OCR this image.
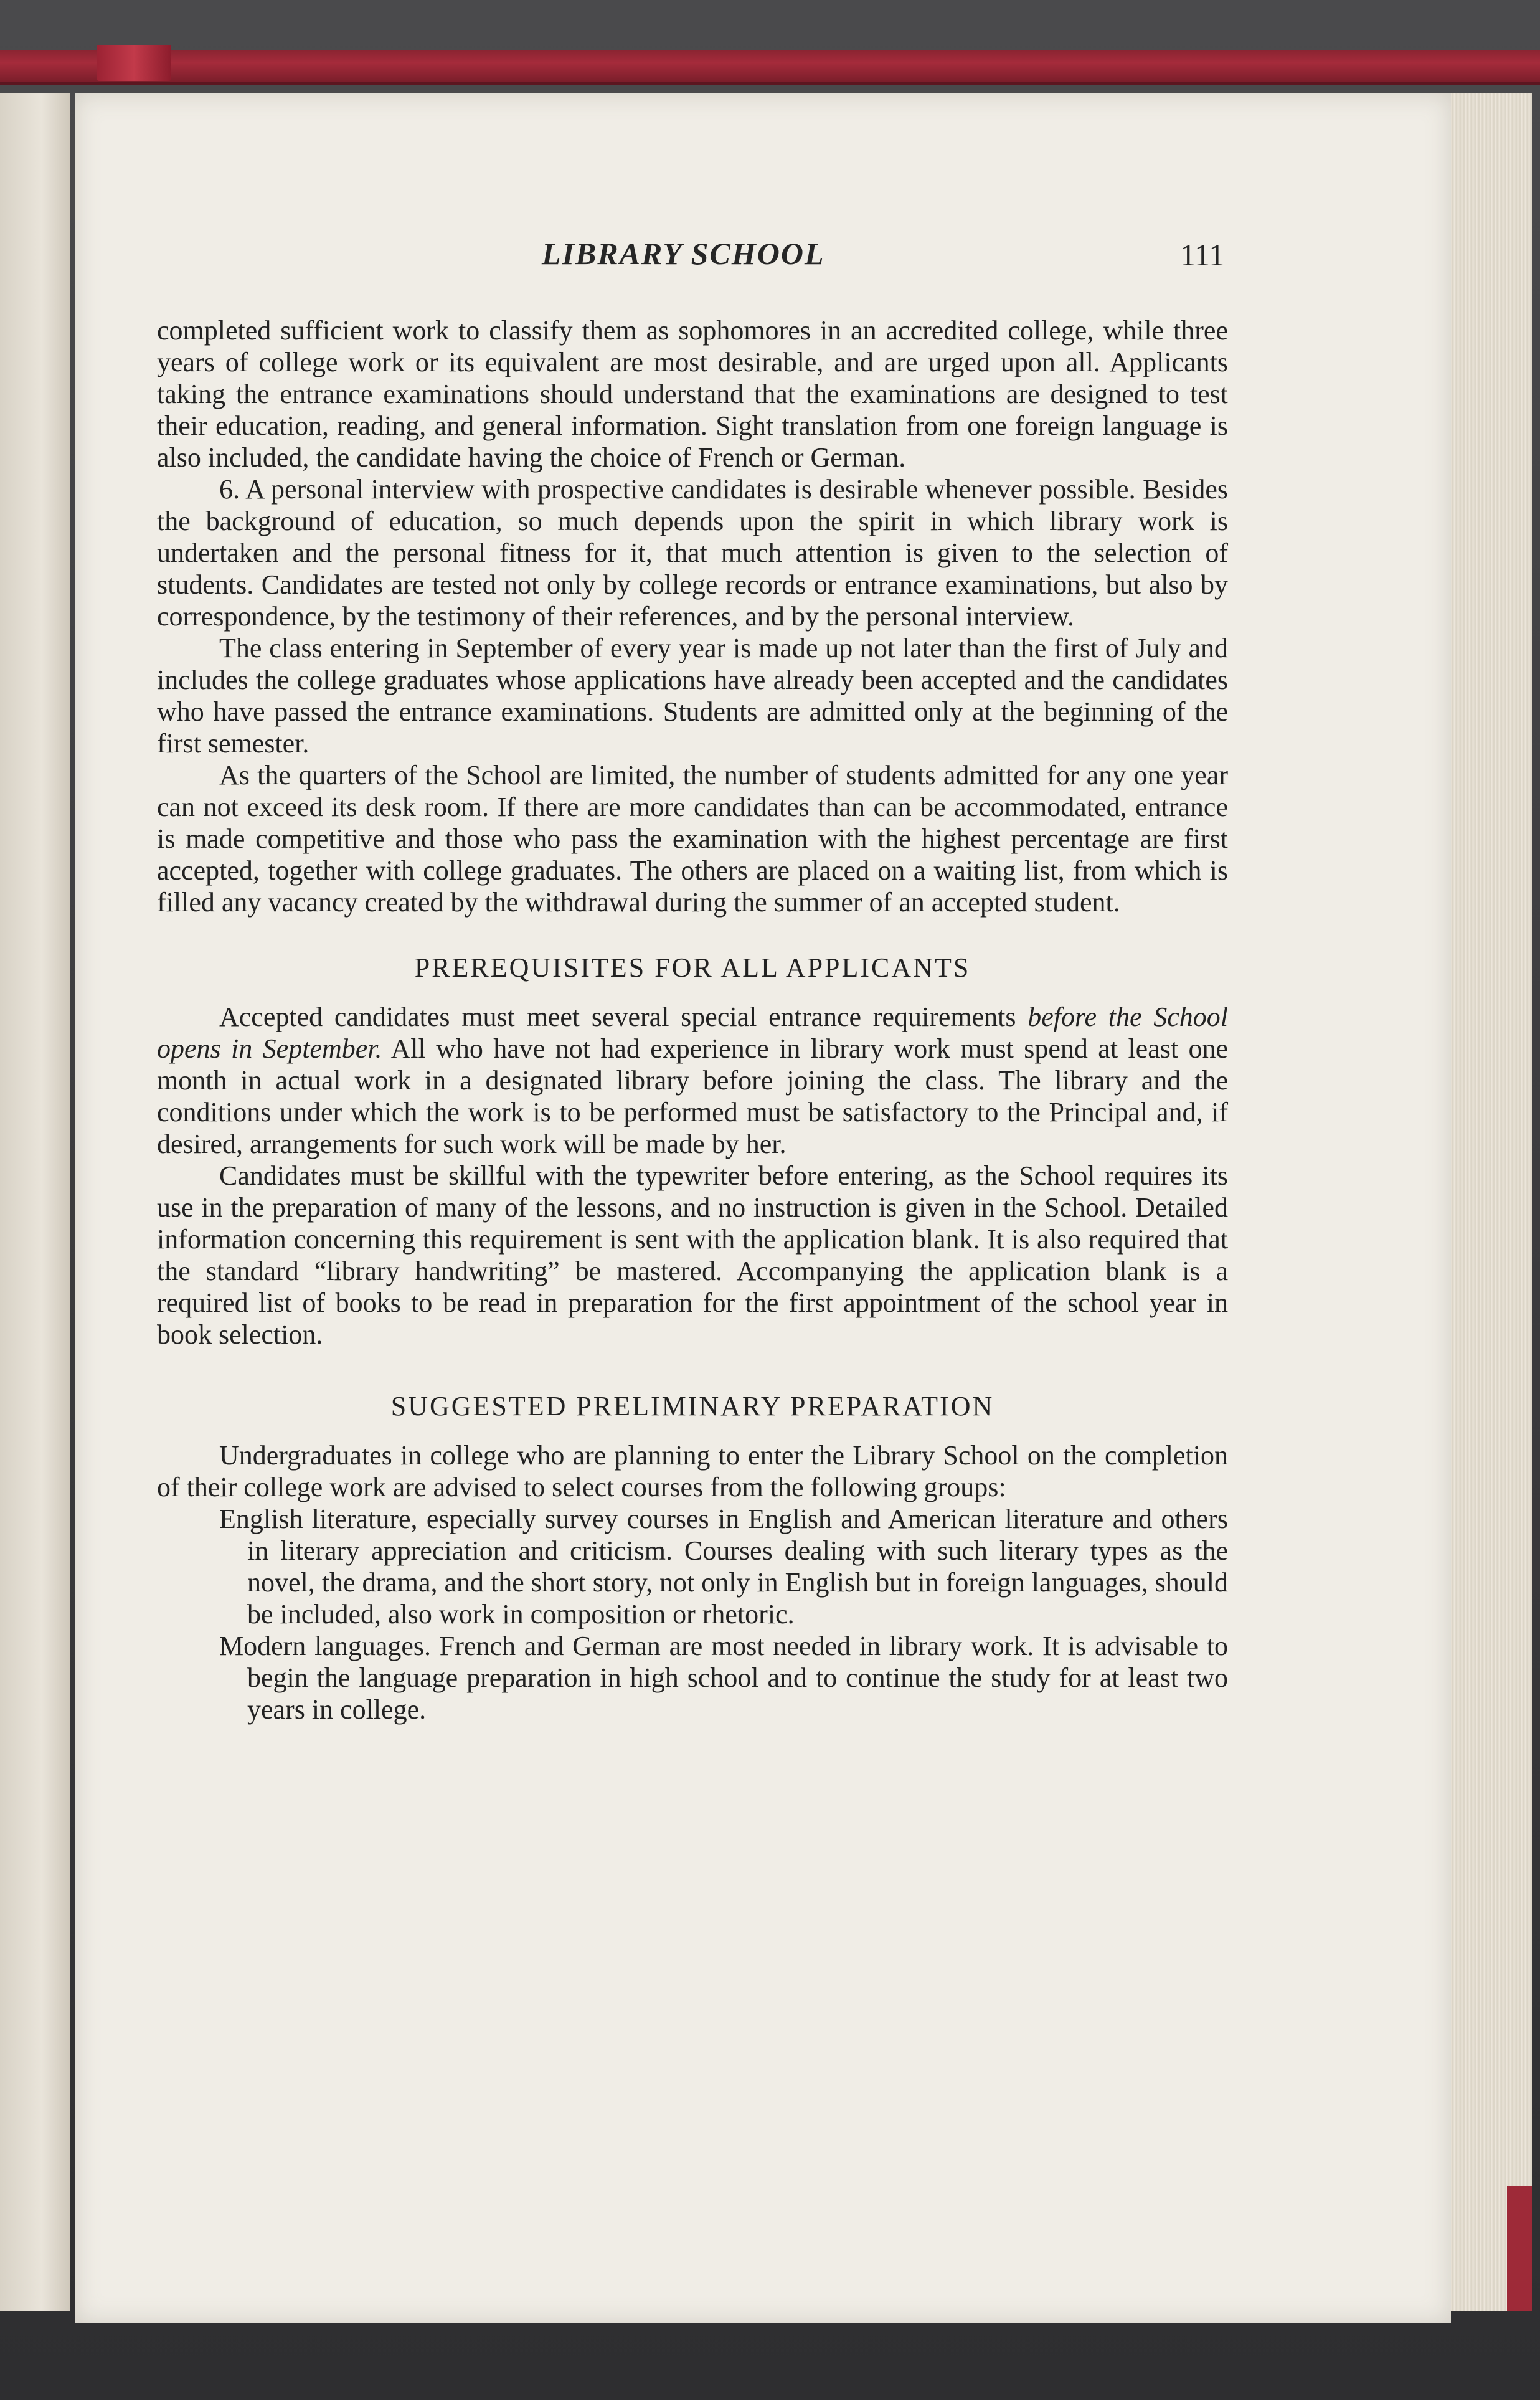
LIBRARY SCHOOL	111

completed sufficient work to classify them as sophomores in an accredited college, while three years of college work or its equivalent are most desirable, and are urged upon all. Applicants taking the entrance examinations should understand that the examinations are designed to test their education, reading, and general information. Sight translation from one foreign language is also included, the candidate having the choice of French or German.

6. A personal interview with prospective candidates is desirable whenever possible. Besides the background of education, so much depends upon the spirit in which library work is undertaken and the personal fitness for it, that much attention is given to the selection of students. Candidates are tested not only by college records or entrance examinations, but also by correspondence, by the testimony of their references, and by the personal interview.

The class entering in September of every year is made up not later than the first of July and includes the college graduates whose applications have already been accepted and the candidates who have passed the entrance examinations. Students are admitted only at the beginning of the first semester.

As the quarters of the School are limited, the number of students admitted for any one year can not exceed its desk room. If there are more candidates than can be accommodated, entrance is made competitive and those who pass the examination with the highest percentage are first accepted, together with college graduates. The others are placed on a waiting list, from which is filled any vacancy created by the withdrawal during the summer of an accepted student.

PREREQUISITES FOR ALL APPLICANTS

Accepted candidates must meet several special entrance requirements before the School opens in September. All who have not had experience in library work must spend at least one month in actual work in a designated library before joining the class. The library and the conditions under which the work is to be performed must be satisfactory to the Principal and, if desired, arrangements for such work will be made by her.

Candidates must be skillful with the typewriter before entering, as the School requires its use in the preparation of many of the lessons, and no instruction is given in the School. Detailed information concerning this requirement is sent with the application blank. It is also required that the standard “library handwriting” be mastered. Accompanying the application blank is a required list of books to be read in preparation for the first appointment of the school year in book selection.

SUGGESTED PRELIMINARY PREPARATION

Undergraduates in college who are planning to enter the Library School on the completion of their college work are advised to select courses from the following groups:

English literature, especially survey courses in English and American literature and others in literary appreciation and criticism. Courses dealing with such literary types as the novel, the drama, and the short story, not only in English but in foreign languages, should be included, also work in composition or rhetoric.

Modern languages. French and German are most needed in library work. It is advisable to begin the language preparation in high school and to continue the study for at least two years in college.
